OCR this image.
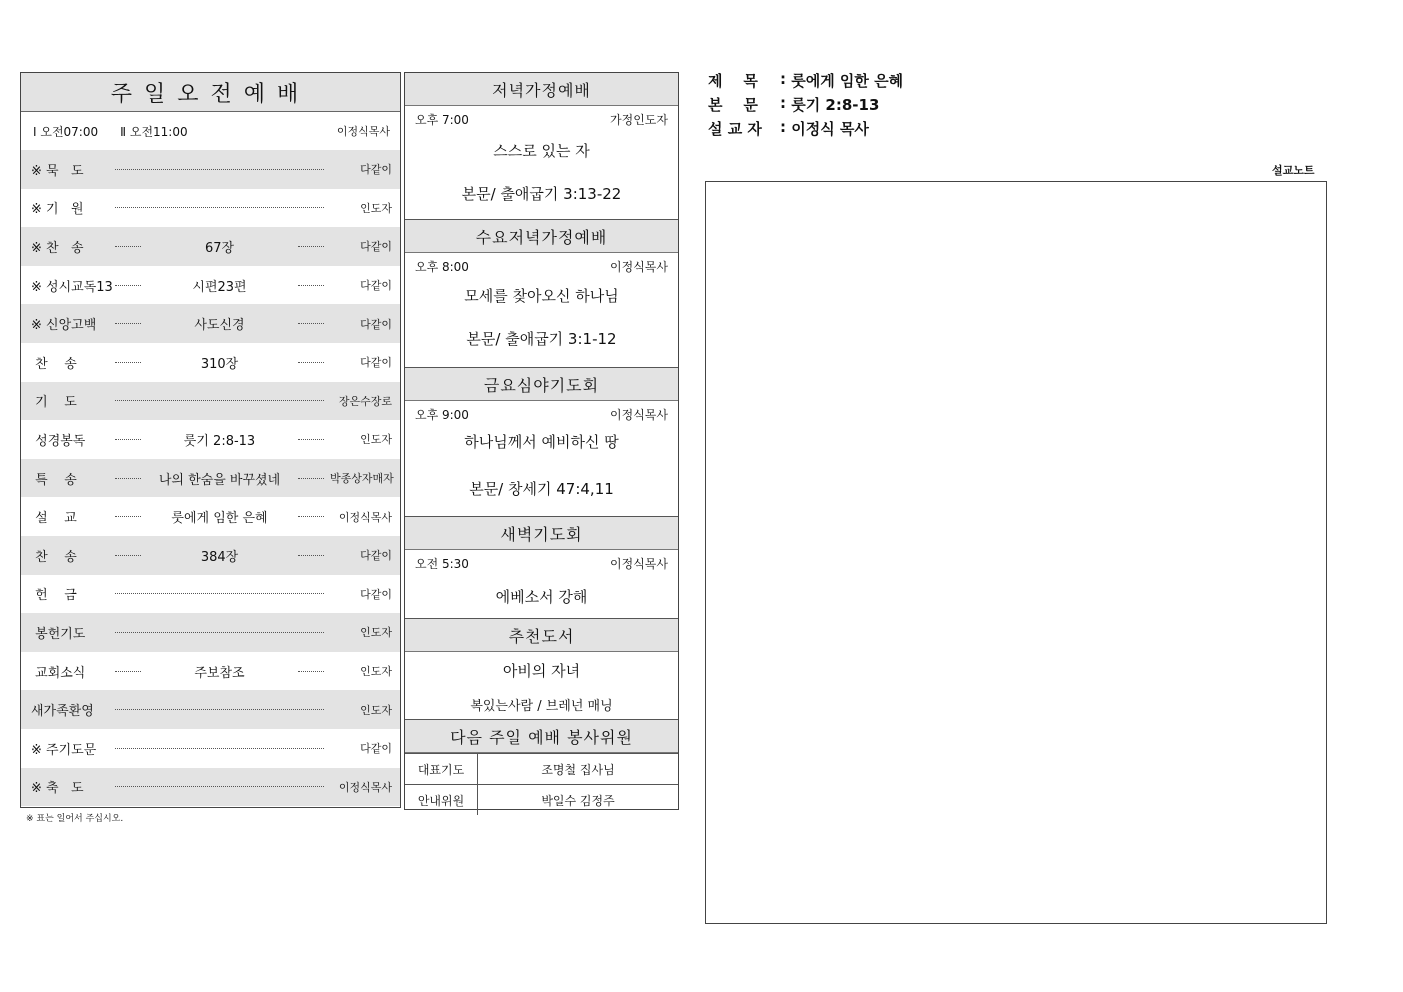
주일오전예배
Ⅰ 오전07:00 Ⅱ 오전11:00	이정식목사
※ 묵   도	다같이
※ 기   원	인도자
※ 찬   송	67장	다같이
※ 성시교독13	시편23편	다같이
※ 신앙고백	사도신경	다같이
찬    송	310장	다같이
기    도	장은수장로
성경봉독	룻기 2:8-13	인도자
특    송	나의 한숨을 바꾸셨네	박종상자매자
설    교	룻에게 임한 은혜	이정식목사
찬    송	384장	다같이
헌    금	다같이
봉헌기도	인도자
교회소식	주보참조	인도자
새가족환영	인도자
※ 주기도문	다같이
※ 축   도	이정식목사
※ 표는 일어서 주십시오.
저녁가정예배
오후 7:00	가정인도자
스스로 있는 자
본문/ 출애굽기 3:13-22
수요저녁가정예배
오후 8:00	이정식목사
모세를 찾아오신 하나님
본문/ 출애굽기 3:1-12
금요심야기도회
오후 9:00	이정식목사
하나님께서 예비하신 땅
본문/ 창세기 47:4,11
새벽기도회
오전 5:30	이정식목사
에베소서 강해
추천도서
아비의 자녀
복있는사람 / 브레넌 매닝
다음 주일 예배 봉사위원
대표기도	조명철 집사님
안내위원	박일수 김정주
제    목	: 룻에게 임한 은혜
본    문	: 룻기 2:8-13
설 교 자	: 이정식 목사
설교노트
